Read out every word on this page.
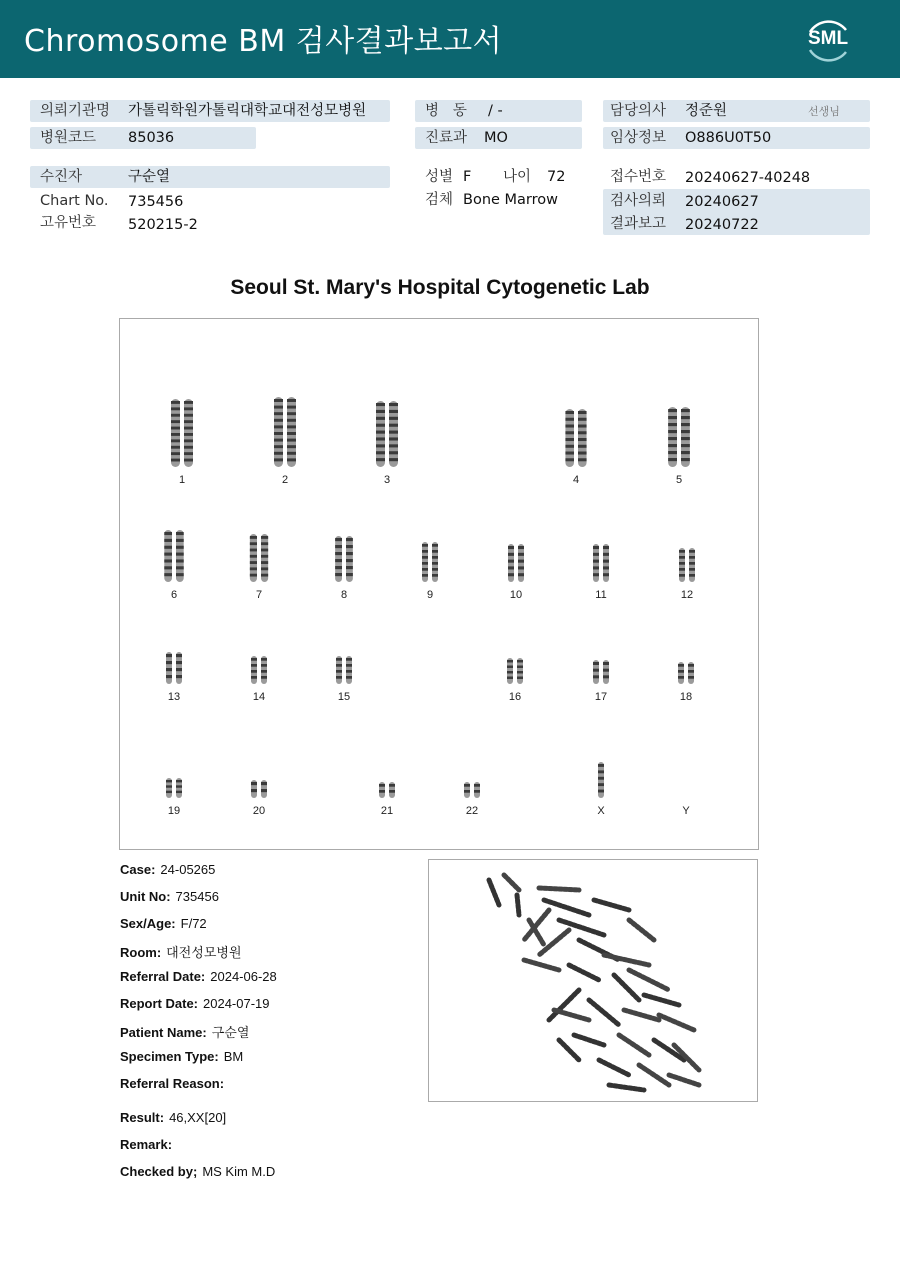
Chromosome BM 검사결과보고서	SML
의뢰기관명 가톨릭학원가톨릭대학교대전성모병원
병원코드 85036
수진자	구순열
Chart No. 735456
고유번호 520215-2
병   동 / -
진료과 MO
성별 F 나이 72
검체 Bone Marrow
담당의사 정준원	선생님
임상정보 O886U0T50
접수번호 20240627-40248
검사의뢰 20240627
결과보고 20240722
Seoul St. Mary's Hospital Cytogenetic Lab
1	2	3	4	5
6	7	8	9	10	11	12
13	14	15	16	17	18
19	20	21	22	X	Y
Case: 24-05265
Unit No: 735456
Sex/Age: F/72
Room: 대전성모병원
Referral Date: 2024-06-28
Report Date: 2024-07-19
Patient Name: 구순열
Specimen Type: BM
Referral Reason:
Result: 46,XX[20]
Remark:
Checked by; MS Kim M.D
